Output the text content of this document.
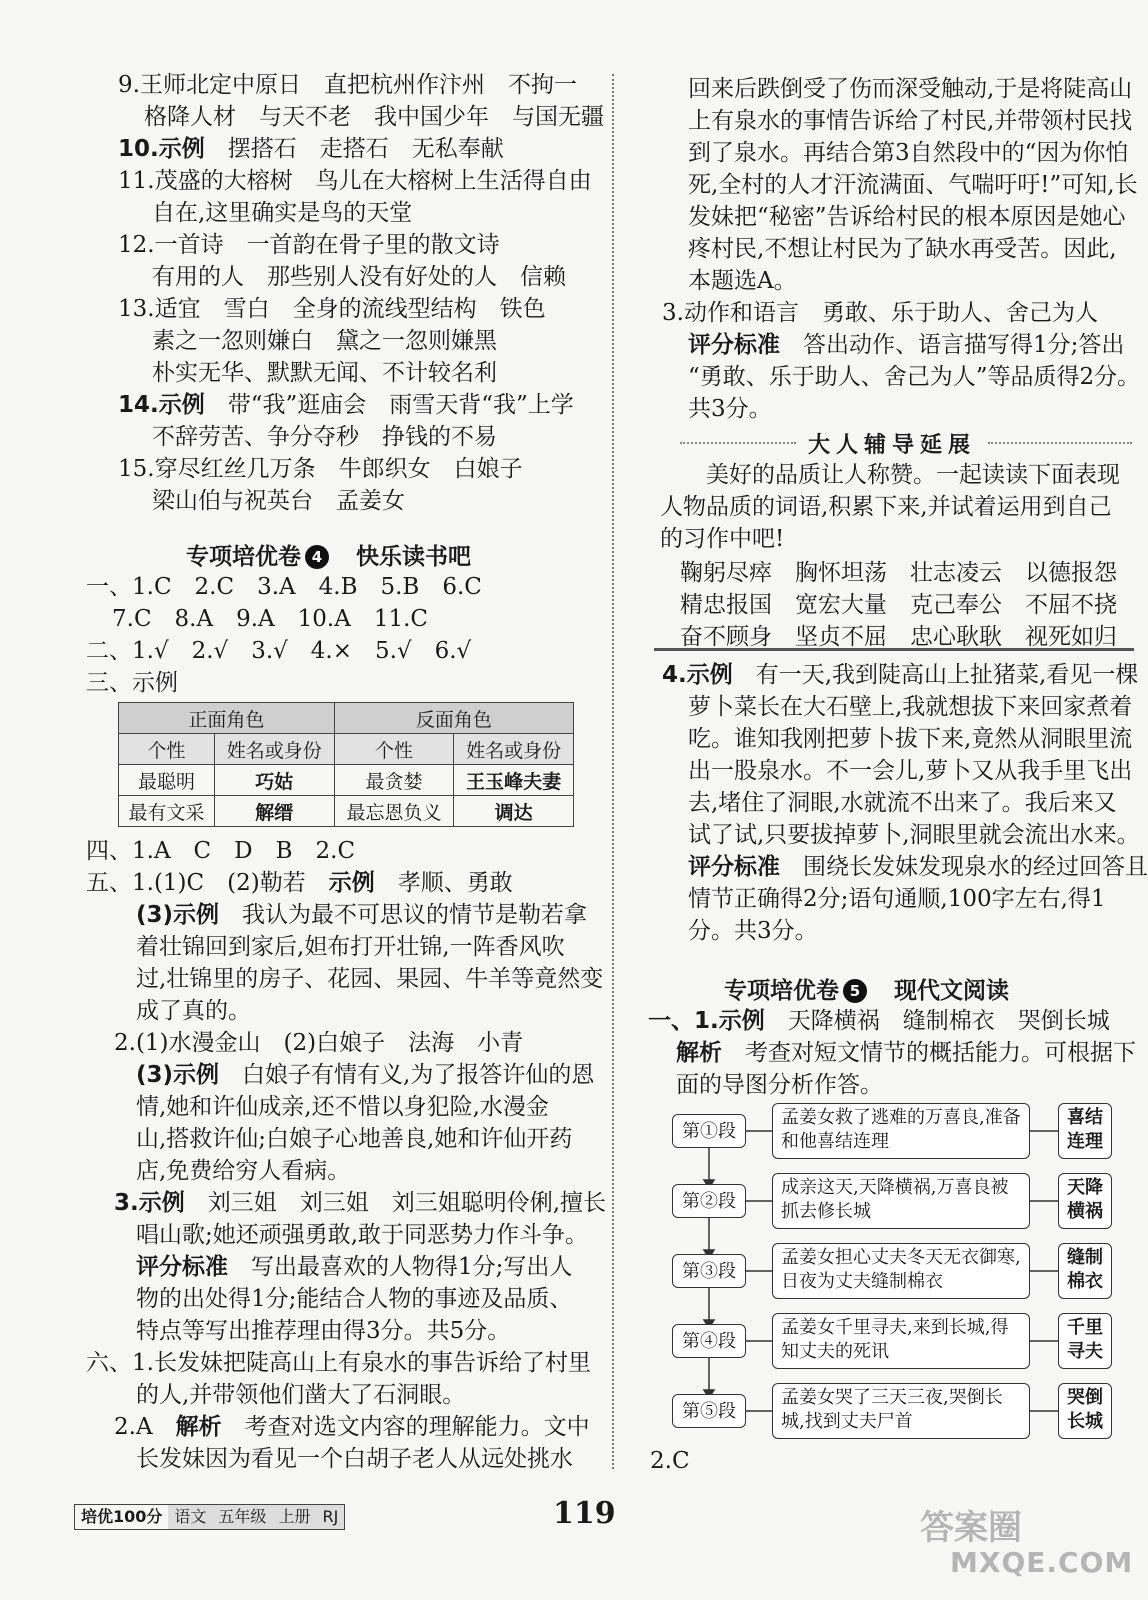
9.王师北定中原日　直把杭州作汴州　不拘一
格降人材　与天不老　我中国少年　与国无疆
10.示例　 摆搭石　走搭石　无私奉献
11.茂盛的大榕树　鸟儿在大榕树上生活得自由
自在,这里确实是鸟的天堂
12.一首诗　一首韵在骨子里的散文诗
有用的人　那些别人没有好处的人　信赖
13.适宜　雪白　全身的流线型结构　铁色
素之一忽则嫌白　黛之一忽则嫌黑
朴实无华、默默无闻、不计较名利
14.示例　 带“我”逛庙会　雨雪天背“我”上学
不辞劳苦、争分夺秒　挣钱的不易
15.穿尽红丝几万条　牛郎织女　白娘子
梁山伯与祝英台　孟姜女
专项培优卷 4　 快乐读书吧
一、1.C　2.C　3.A　4.B　5.B　6.C
7.C　8.A　9.A　10.A　11.C
二、1.√　2.√　3.√　4.×　5.√　6.√
三、示例
正面角色		反面角色	
个性	姓名或身份	个性	姓名或身份
最聪明	巧姑	最贪婪	王玉峰夫妻
最有文采	解缙	最忘恩负义	调达
四、1.A　C　D　B　2.C
五、1.(1)C　(2)勒若　 示例　 孝顺、勇敢
(3)示例　 我认为最不可思议的情节是勒若拿
着壮锦回到家后,妲布打开壮锦,一阵香风吹
过,壮锦里的房子、花园、果园、牛羊等竟然变
成了真的。
2.(1)水漫金山　(2)白娘子　法海　小青
(3)示例　 白娘子有情有义,为了报答许仙的恩
情,她和许仙成亲,还不惜以身犯险,水漫金
山,搭救许仙;白娘子心地善良,她和许仙开药
店,免费给穷人看病。
3.示例　 刘三姐　刘三姐　刘三姐聪明伶俐,擅长
唱山歌;她还顽强勇敢,敢于同恶势力作斗争。
评分标准　 写出最喜欢的人物得1分;写出人
物的出处得1分;能结合人物的事迹及品质、
特点等写出推荐理由得3分。共5分。
六、1.长发妹把陡高山上有泉水的事告诉给了村里
的人,并带领他们凿大了石洞眼。
2.A　 解析　 考查对选文内容的理解能力。文中
长发妹因为看见一个白胡子老人从远处挑水
回来后跌倒受了伤而深受触动,于是将陡高山
上有泉水的事情告诉给了村民,并带领村民找
到了泉水。再结合第3自然段中的“因为你怕
死,全村的人才汗流满面、气喘吁吁!”可知,长
发妹把“秘密”告诉给村民的根本原因是她心
疼村民,不想让村民为了缺水再受苦。因此,
本题选A。
3.动作和语言　勇敢、乐于助人、舍己为人
评分标准　 答出动作、语言描写得1分;答出
“勇敢、乐于助人、舍己为人”等品质得2分。
共3分。
大人辅导延展
美好的品质让人称赞。一起读读下面表现
人物品质的词语,积累下来,并试着运用到自己
的习作中吧!
鞠躬尽瘁　胸怀坦荡　壮志凌云　以德报怨
精忠报国　宽宏大量　克己奉公　不屈不挠
奋不顾身　坚贞不屈　忠心耿耿　视死如归
4.示例　 有一天,我到陡高山上扯猪菜,看见一棵
萝卜菜长在大石壁上,我就想拔下来回家煮着
吃。谁知我刚把萝卜拔下来,竟然从洞眼里流
出一股泉水。不一会儿,萝卜又从我手里飞出
去,堵住了洞眼,水就流不出来了。我后来又
试了试,只要拔掉萝卜,洞眼里就会流出水来。
评分标准　 围绕长发妹发现泉水的经过回答且
情节正确得2分;语句通顺,100字左右,得1
分。共3分。
专项培优卷 5　 现代文阅读
一、1.示例　 天降横祸　缝制棉衣　哭倒长城
解析　 考查对短文情节的概括能力。可根据下
面的导图分析作答。
第①段
孟姜女救了逃难的万喜良,准备和他喜结连理
喜结连理
第②段
成亲这天,天降横祸,万喜良被抓去修长城
天降横祸
第③段
孟姜女担心丈夫冬天无衣御寒,日夜为丈夫缝制棉衣
缝制棉衣
第④段
孟姜女千里寻夫,来到长城,得知丈夫的死讯
千里寻夫
第⑤段
孟姜女哭了三天三夜,哭倒长城,找到丈夫尸首
哭倒长城
2.C
培优100分 语文 五年级 上册 RJ	119	答案圈
MXQE.COM
